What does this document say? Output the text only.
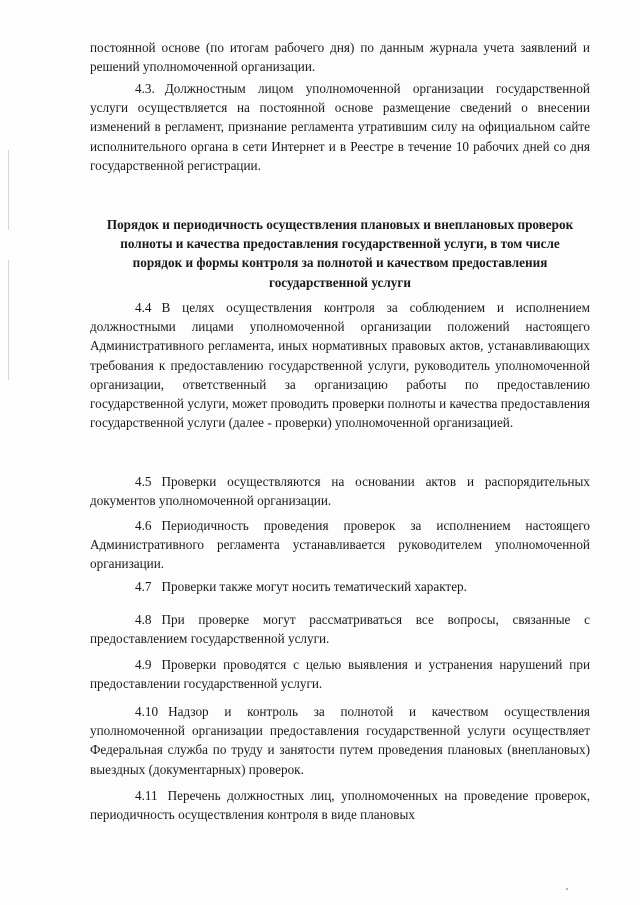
постоянной основе (по итогам рабочего дня) по данным журнала учета заявлений и решений уполномоченной организации.
4.3. Должностным лицом уполномоченной организации государственной услуги осуществляется на постоянной основе размещение сведений о внесении изменений в регламент, признание регламента утратившим силу на официальном сайте исполнительного органа в сети Интернет и в Реестре в течение 10 рабочих дней со дня государственной регистрации.
Порядок и периодичность осуществления плановых и внеплановых проверок полноты и качества предоставления государственной услуги, в том числе порядок и формы контроля за полнотой и качеством предоставления государственной услуги
4.4 В целях осуществления контроля за соблюдением и исполнением должностными лицами уполномоченной организации положений настоящего Административного регламента, иных нормативных правовых актов, устанавливающих требования к предоставлению государственной услуги, руководитель уполномоченной организации, ответственный за организацию работы по предоставлению государственной услуги, может проводить проверки полноты и качества предоставления государственной услуги (далее - проверки) уполномоченной организацией.
4.5 Проверки осуществляются на основании актов и распорядительных документов уполномоченной организации.
4.6 Периодичность проведения проверок за исполнением настоящего Административного регламента устанавливается руководителем уполномоченной организации.
4.7 Проверки также могут носить тематический характер.
4.8 При проверке могут рассматриваться все вопросы, связанные с предоставлением государственной услуги.
4.9 Проверки проводятся с целью выявления и устранения нарушений при предоставлении государственной услуги.
4.10 Надзор и контроль за полнотой и качеством осуществления уполномоченной организации предоставления государственной услуги осуществляет Федеральная служба по труду и занятости путем проведения плановых (внеплановых) выездных (документарных) проверок.
4.11 Перечень должностных лиц, уполномоченных на проведение проверок, периодичность осуществления контроля в виде плановых
